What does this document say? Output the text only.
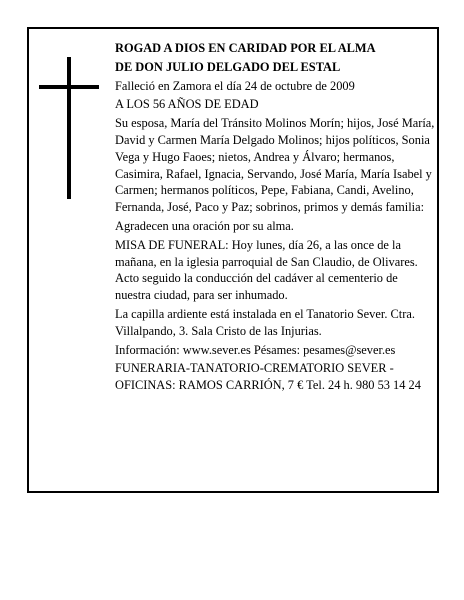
ROGAD A DIOS EN CARIDAD POR EL ALMA

DE DON JULIO DELGADO DEL ESTAL

Falleció en Zamora el día 24 de octubre de 2009

A LOS 56 AÑOS DE EDAD

Su esposa, María del Tránsito Molinos Morín; hijos, José María, David y Carmen María Delgado Molinos; hijos políticos, Sonia Vega y Hugo Faoes; nietos, Andrea y Álvaro; hermanos, Casimira, Rafael, Ignacia, Servando, José María, María Isabel y Carmen; hermanos políticos, Pepe, Fabiana, Candi, Avelino, Fernanda, José, Paco y Paz; sobrinos, primos y demás familia:

Agradecen una oración por su alma.

MISA DE FUNERAL: Hoy lunes, día 26, a las once de la mañana, en la iglesia parroquial de San Claudio, de Olivares. Acto seguido la conducción del cadáver al cementerio de nuestra ciudad, para ser inhumado.

La capilla ardiente está instalada en el Tanatorio Sever. Ctra. Villalpando, 3. Sala Cristo de las Injurias.

Información: www.sever.es Pésames: pesames@sever.es

FUNERARIA-TANATORIO-CREMATORIO SEVER - OFICINAS: RAMOS CARRIÓN, 7 € Tel. 24 h. 980 53 14 24
